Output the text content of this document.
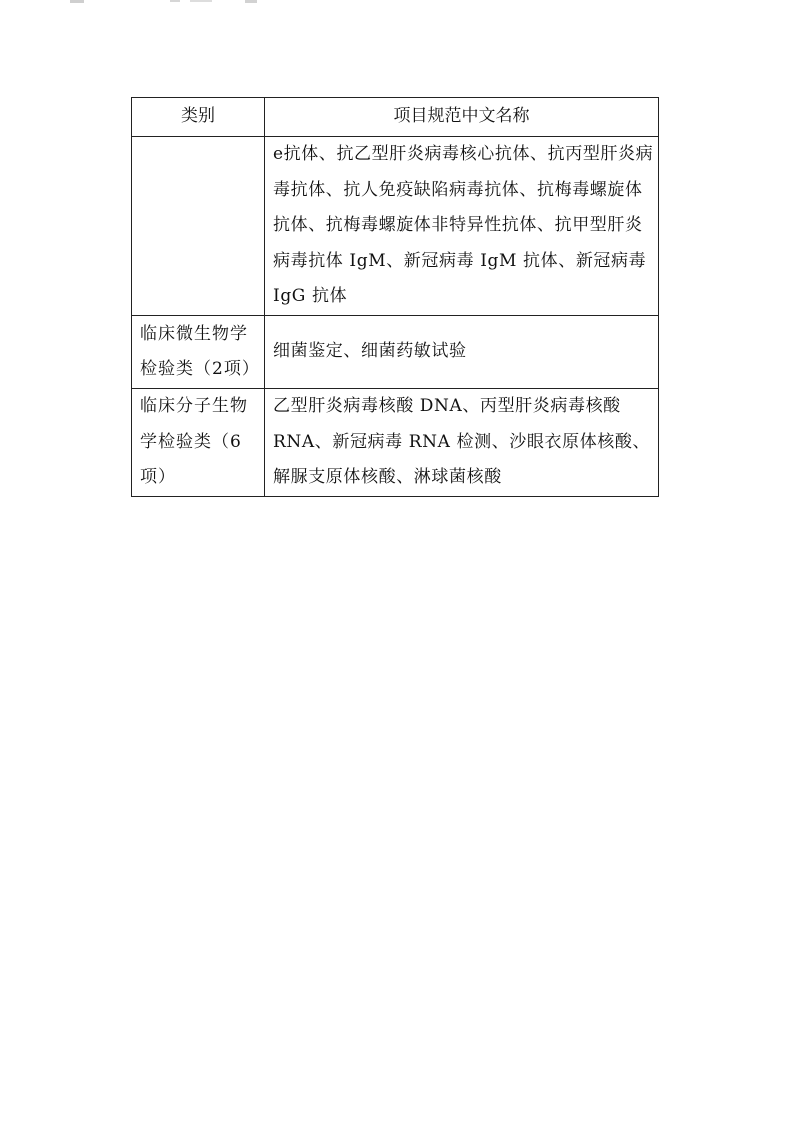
类别	项目规范中文名称
	e抗体、抗乙型肝炎病毒核心抗体、抗丙型肝炎病毒抗体、抗人免疫缺陷病毒抗体、抗梅毒螺旋体抗体、抗梅毒螺旋体非特异性抗体、抗甲型肝炎病毒抗体 IgM、新冠病毒 IgM 抗体、新冠病毒 IgG 抗体
临床微生物学检验类（2项）	细菌鉴定、细菌药敏试验
临床分子生物学检验类（6项）	乙型肝炎病毒核酸 DNA、丙型肝炎病毒核酸 RNA、新冠病毒 RNA 检测、沙眼衣原体核酸、解脲支原体核酸、淋球菌核酸
